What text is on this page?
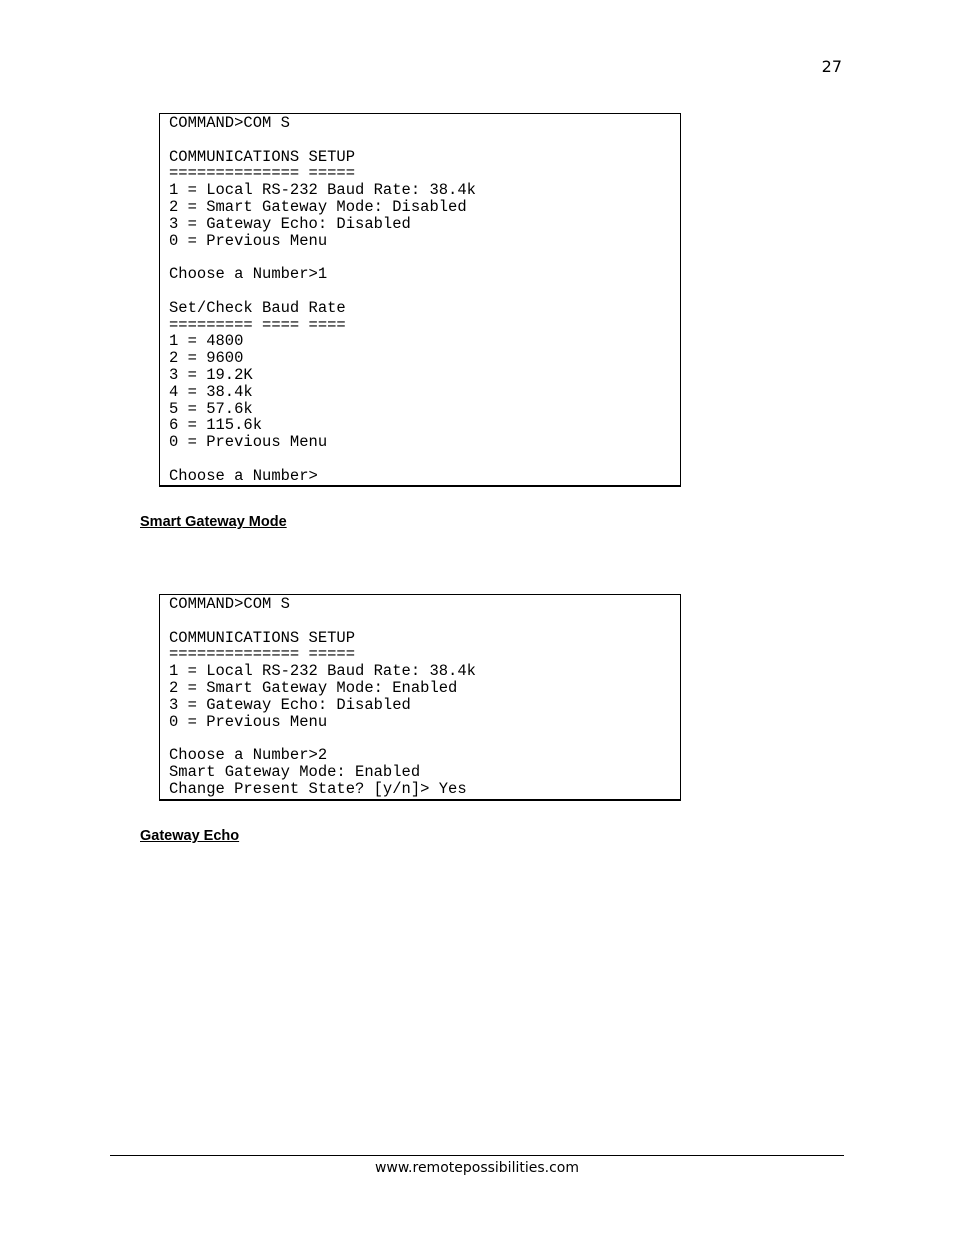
27
COMMAND>COM S
COMMUNICATIONS SETUP
============== =====
1 = Local RS-232 Baud Rate: 38.4k
2 = Smart Gateway Mode: Disabled
3 = Gateway Echo: Disabled
0 = Previous Menu
Choose a Number>1
Set/Check Baud Rate
========= ==== ====
1 = 4800
2 = 9600
3 = 19.2K
4 = 38.4k
5 = 57.6k
6 = 115.6k
0 = Previous Menu
Choose a Number>
Smart Gateway Mode
COMMAND>COM S
COMMUNICATIONS SETUP
============== =====
1 = Local RS-232 Baud Rate: 38.4k
2 = Smart Gateway Mode: Enabled
3 = Gateway Echo: Disabled
0 = Previous Menu
Choose a Number>2
Smart Gateway Mode: Enabled
Change Present State? [y/n]> Yes
Gateway Echo
www.remotepossibilities.com
